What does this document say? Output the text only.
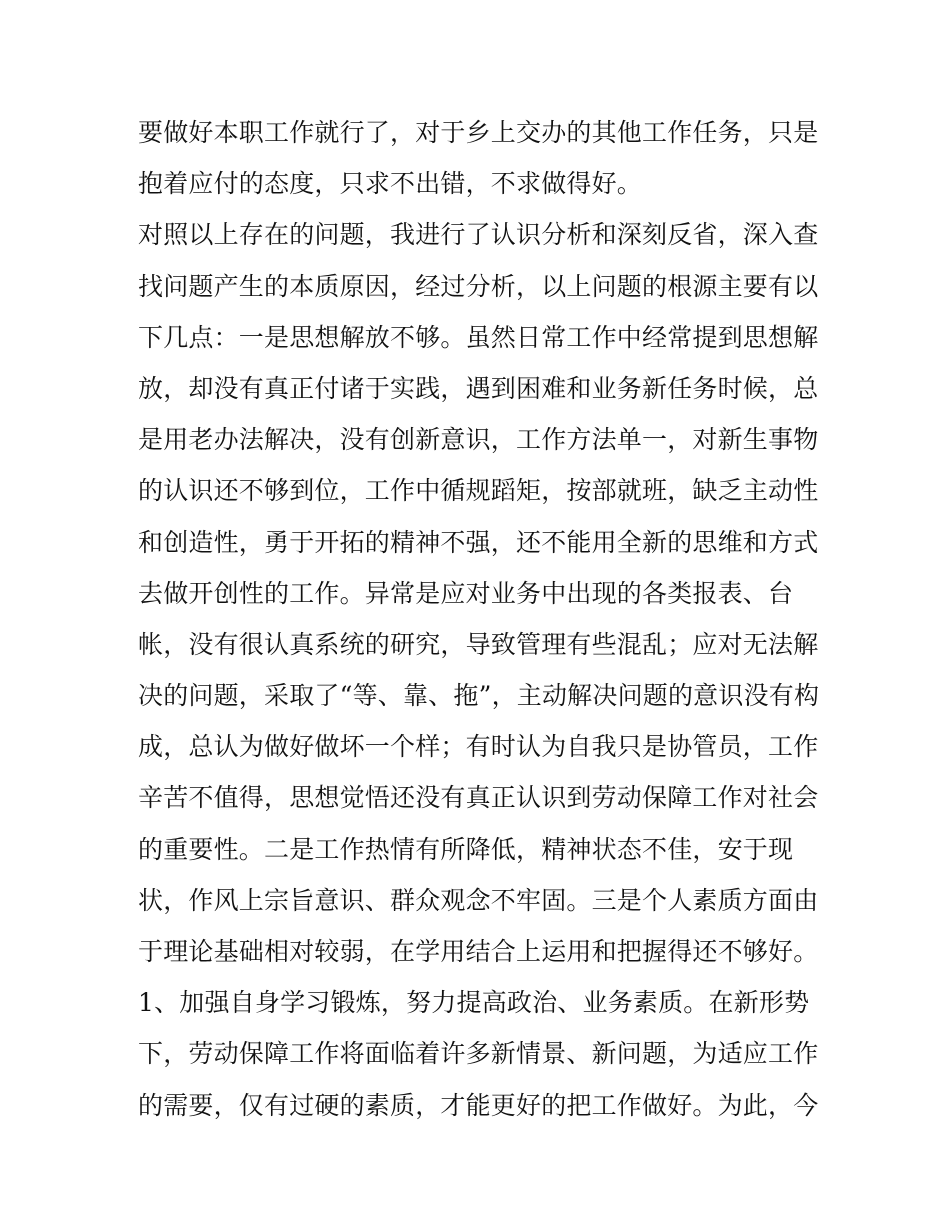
要做好本职工作就行了，对于乡上交办的其他工作任务，只是
抱着应付的态度，只求不出错，不求做得好。
对照以上存在的问题，我进行了认识分析和深刻反省，深入查
找问题产生的本质原因，经过分析，以上问题的根源主要有以
下几点：一是思想解放不够。虽然日常工作中经常提到思想解
放，却没有真正付诸于实践，遇到困难和业务新任务时候，总
是用老办法解决，没有创新意识，工作方法单一，对新生事物
的认识还不够到位，工作中循规蹈矩，按部就班，缺乏主动性
和创造性，勇于开拓的精神不强，还不能用全新的思维和方式
去做开创性的工作。异常是应对业务中出现的各类报表、台
帐，没有很认真系统的研究，导致管理有些混乱；应对无法解
决的问题，采取了“等、靠、拖”，主动解决问题的意识没有构
成，总认为做好做坏一个样；有时认为自我只是协管员，工作
辛苦不值得，思想觉悟还没有真正认识到劳动保障工作对社会
的重要性。二是工作热情有所降低，精神状态不佳，安于现
状，作风上宗旨意识、群众观念不牢固。三是个人素质方面由
于理论基础相对较弱，在学用结合上运用和把握得还不够好。
1、加强自身学习锻炼，努力提高政治、业务素质。在新形势
下，劳动保障工作将面临着许多新情景、新问题，为适应工作
的需要，仅有过硬的素质，才能更好的把工作做好。为此，今
